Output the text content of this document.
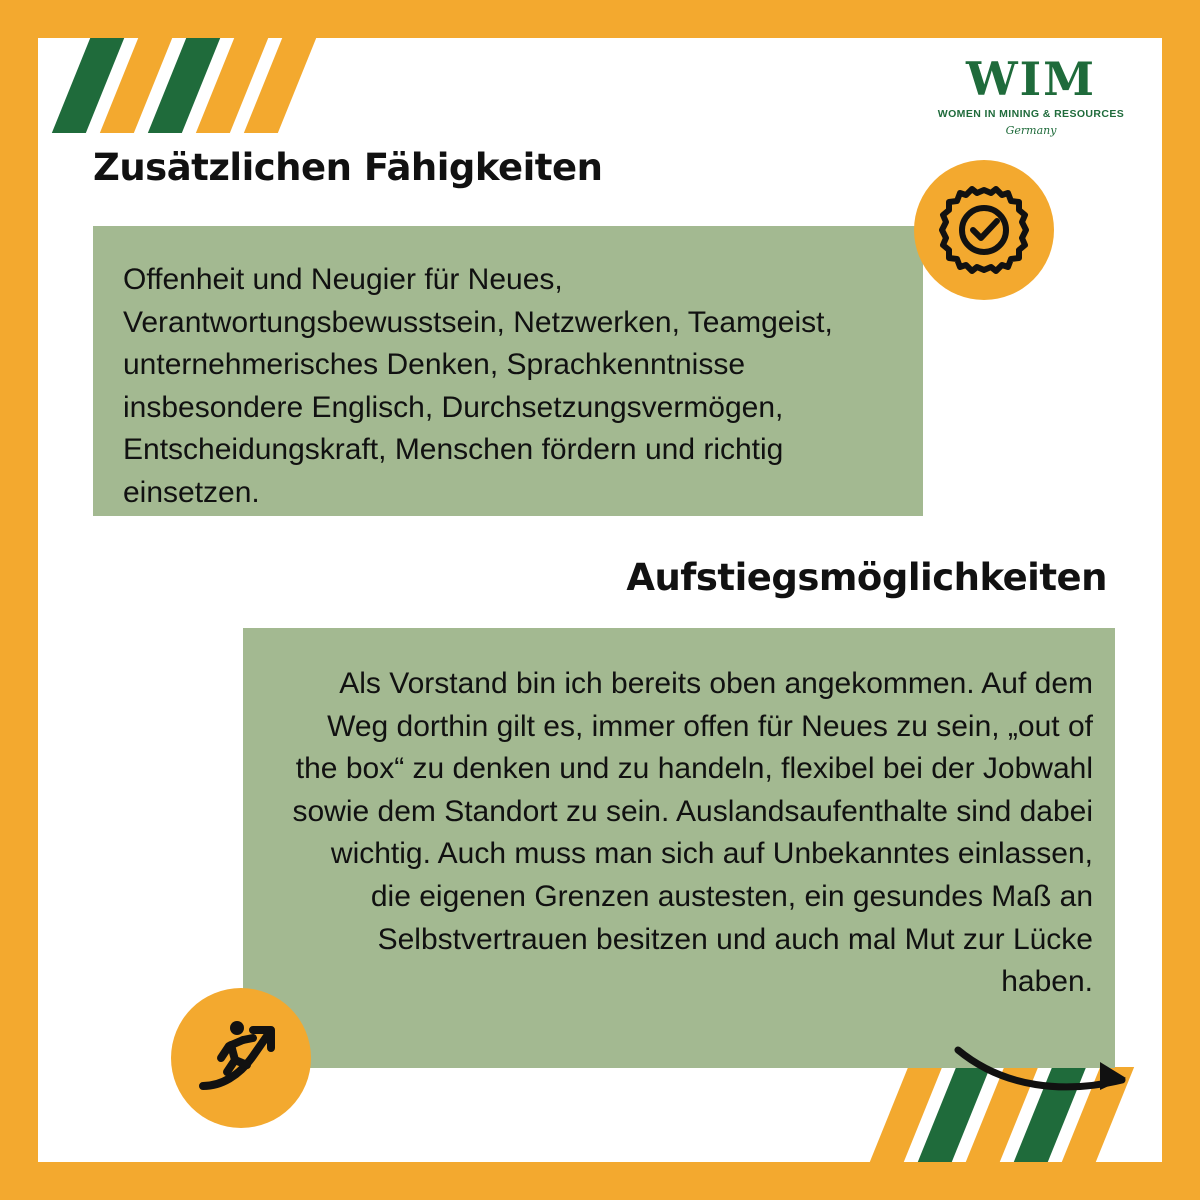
WIM
WOMEN IN MINING & RESOURCES
Germany
Zusätzlichen Fähigkeiten
Offenheit und Neugier für Neues, Verantwortungsbewusstsein, Netzwerken, Teamgeist, unternehmerisches Denken, Sprachkenntnisse insbesondere Englisch, Durchsetzungsvermögen, Entscheidungskraft, Menschen fördern und richtig einsetzen.
Aufstiegsmöglichkeiten
Als Vorstand bin ich bereits oben angekommen. Auf dem Weg dorthin gilt es, immer offen für Neues zu sein, „out of the box“ zu denken und zu handeln, flexibel bei der Jobwahl sowie dem Standort zu sein. Auslandsaufenthalte sind dabei wichtig. Auch muss man sich auf Unbekanntes einlassen, die eigenen Grenzen austesten, ein gesundes Maß an Selbstvertrauen besitzen und auch mal Mut zur Lücke haben.
